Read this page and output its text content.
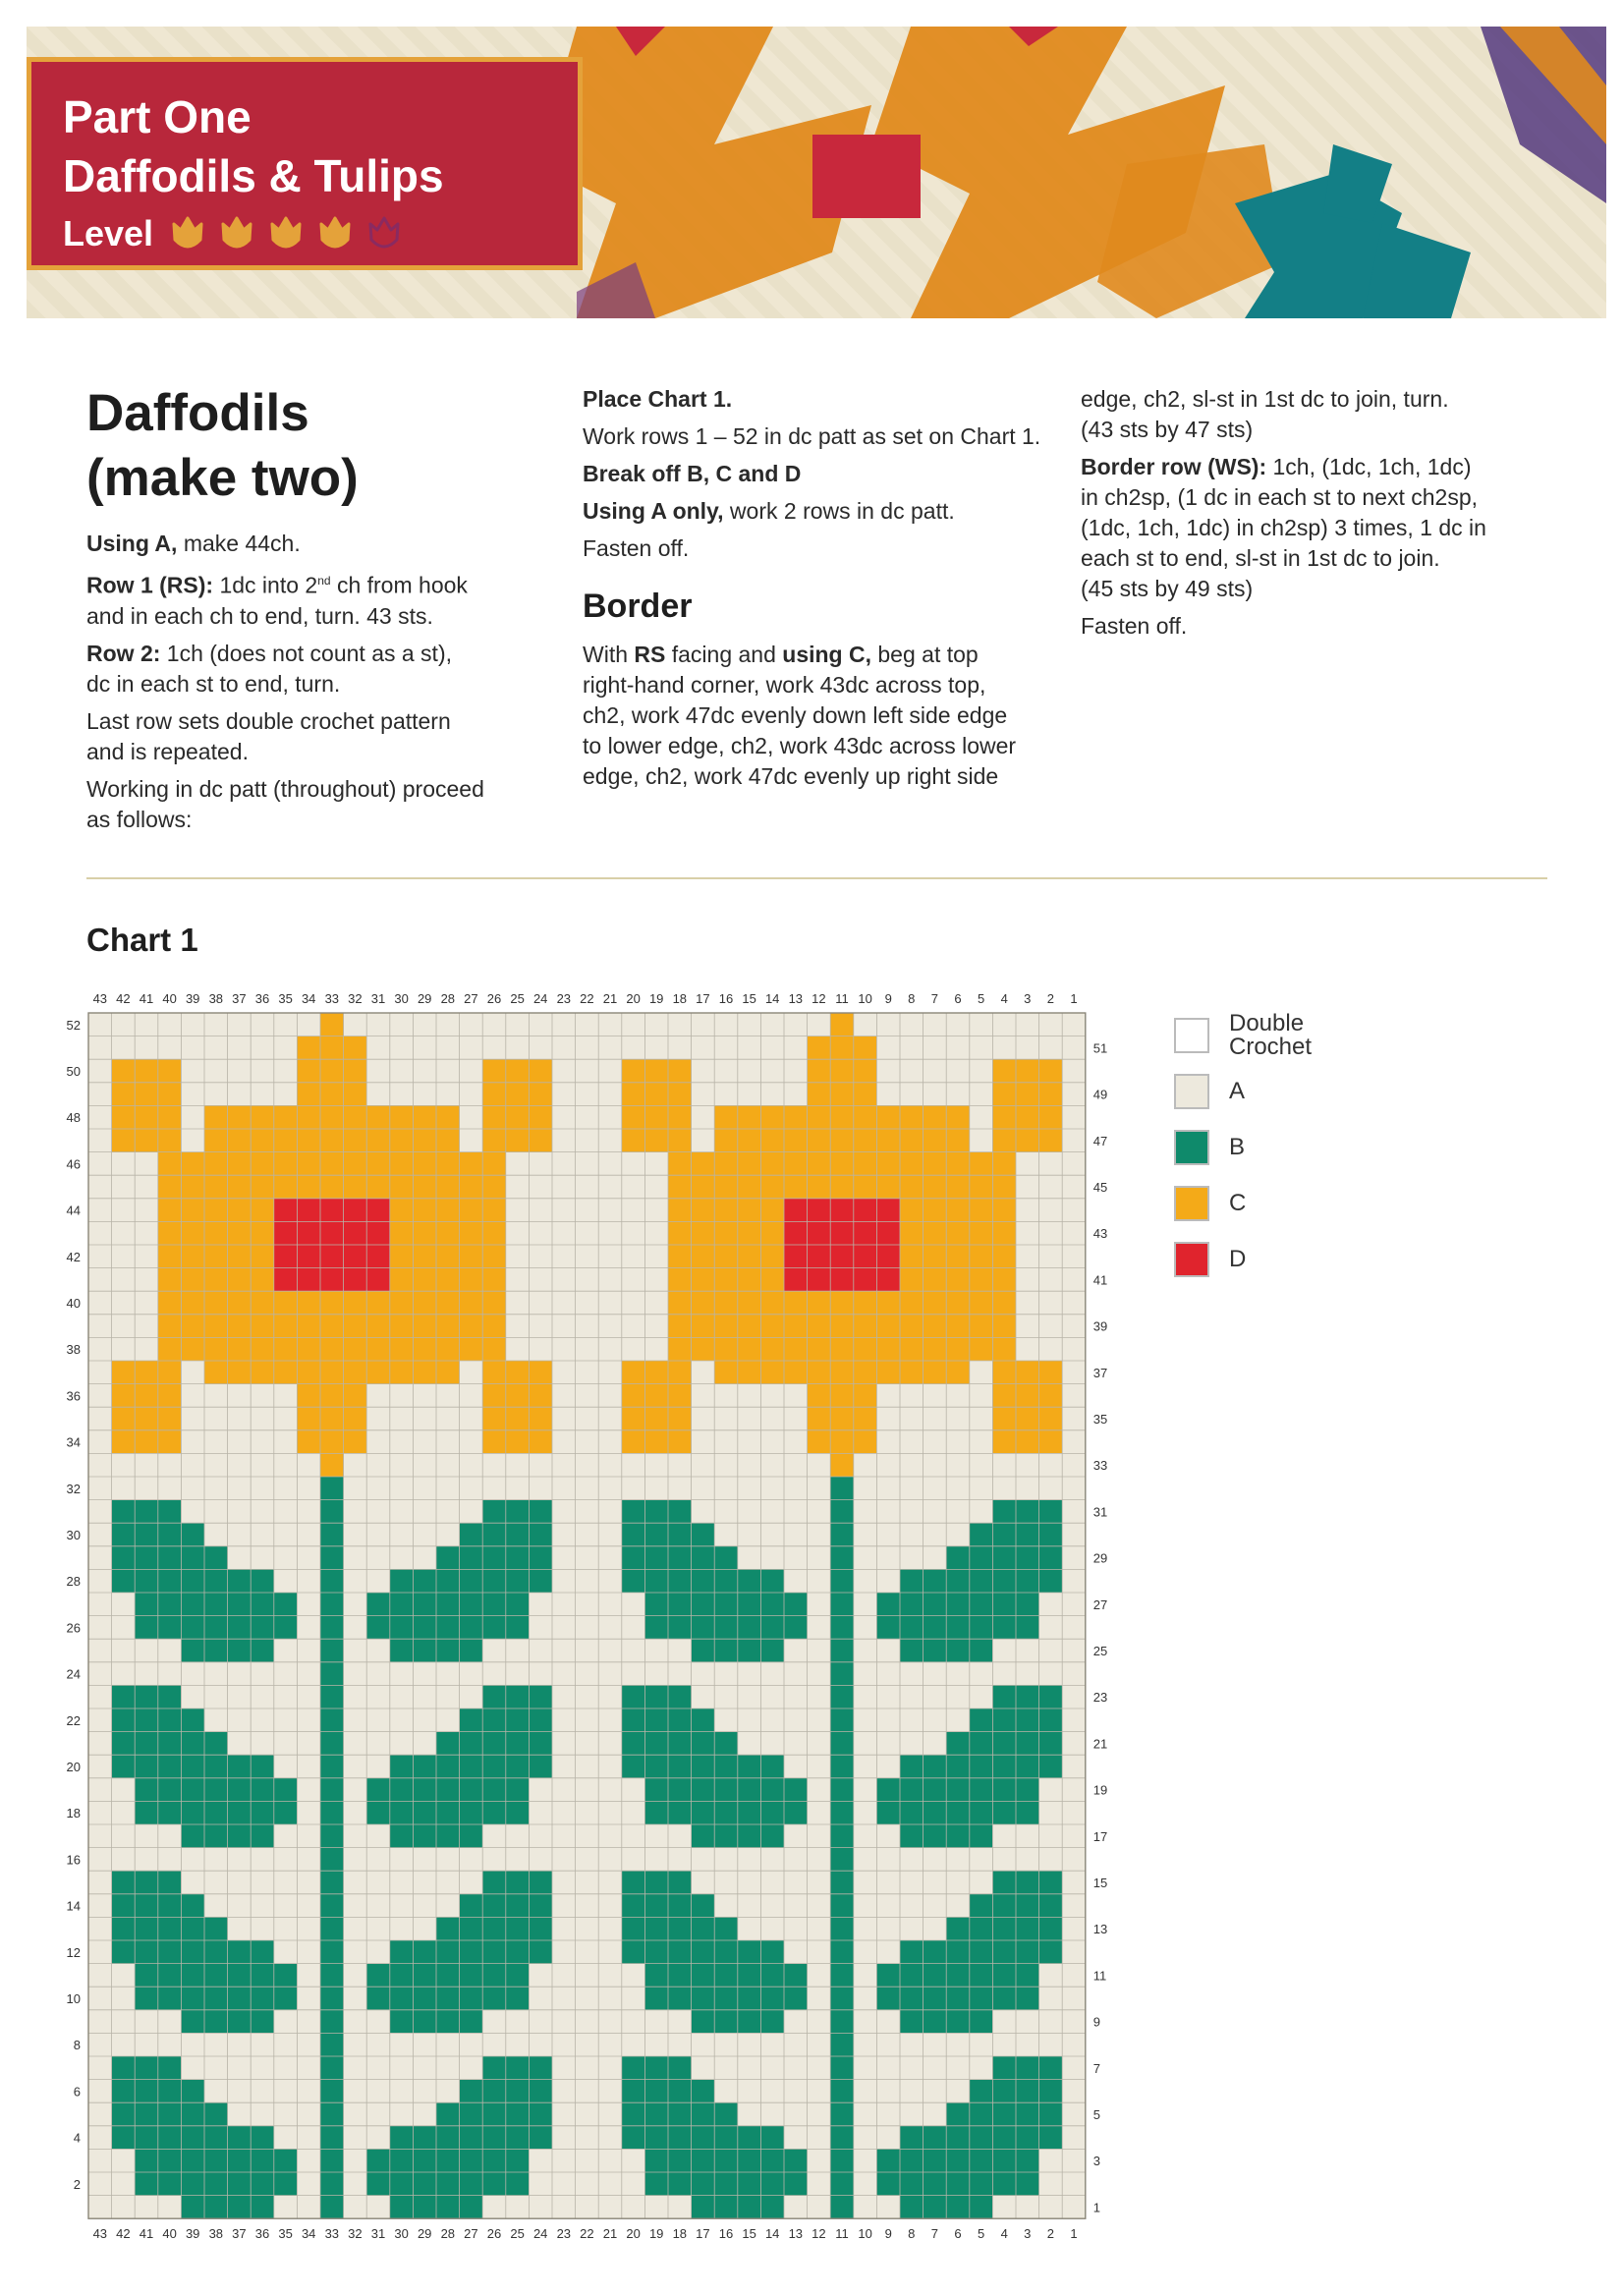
Part One
Daffodils & Tulips
Level
Daffodils
(make two)

Using A, make 44ch.

Row 1 (RS): 1dc into 2nd ch from hook
and in each ch to end, turn. 43 sts.

Row 2: 1ch (does not count as a st),
dc in each st to end, turn.

Last row sets double crochet pattern
and is repeated.

Working in dc patt (throughout) proceed
as follows:

Place Chart 1.

Work rows 1 – 52 in dc patt as set on Chart 1.

Break off B, C and D

Using A only, work 2 rows in dc patt.

Fasten off.

Border

With RS facing and using C, beg at top
right-hand corner, work 43dc across top,
ch2, work 47dc evenly down left side edge
to lower edge, ch2, work 43dc across lower
edge, ch2, work 47dc evenly up right side

edge, ch2, sl-st in 1st dc to join, turn.
(43 sts by 47 sts)

Border row (WS): 1ch, (1dc, 1ch, 1dc)
in ch2sp, (1 dc in each st to next ch2sp,
(1dc, 1ch, 1dc) in ch2sp) 3 times, 1 dc in
each st to end, sl-st in 1st dc to join.
(45 sts by 49 sts)

Fasten off.

Chart 1
43
43
42
42
41
41
40
40
39
39
38
38
37
37
36
36
35
35
34
34
33
33
32
32
31
31
30
30
29
29
28
28
27
27
26
26
25
25
24
24
23
23
22
22
21
21
20
20
19
19
18
18
17
17
16
16
15
15
14
14
13
13
12
12
11
11
10
10
9
9
8
8
7
7
6
6
5
5
4
4
3
3
2
2
1
1
52
50
48
46
44
42
40
38
36
34
32
30
28
26
24
22
20
18
16
14
12
10
8
6
4
2
51
49
47
45
43
41
39
37
35
33
31
29
27
25
23
21
19
17
15
13
11
9
7
5
3
1
Double
Crochet
A
B
C
D
